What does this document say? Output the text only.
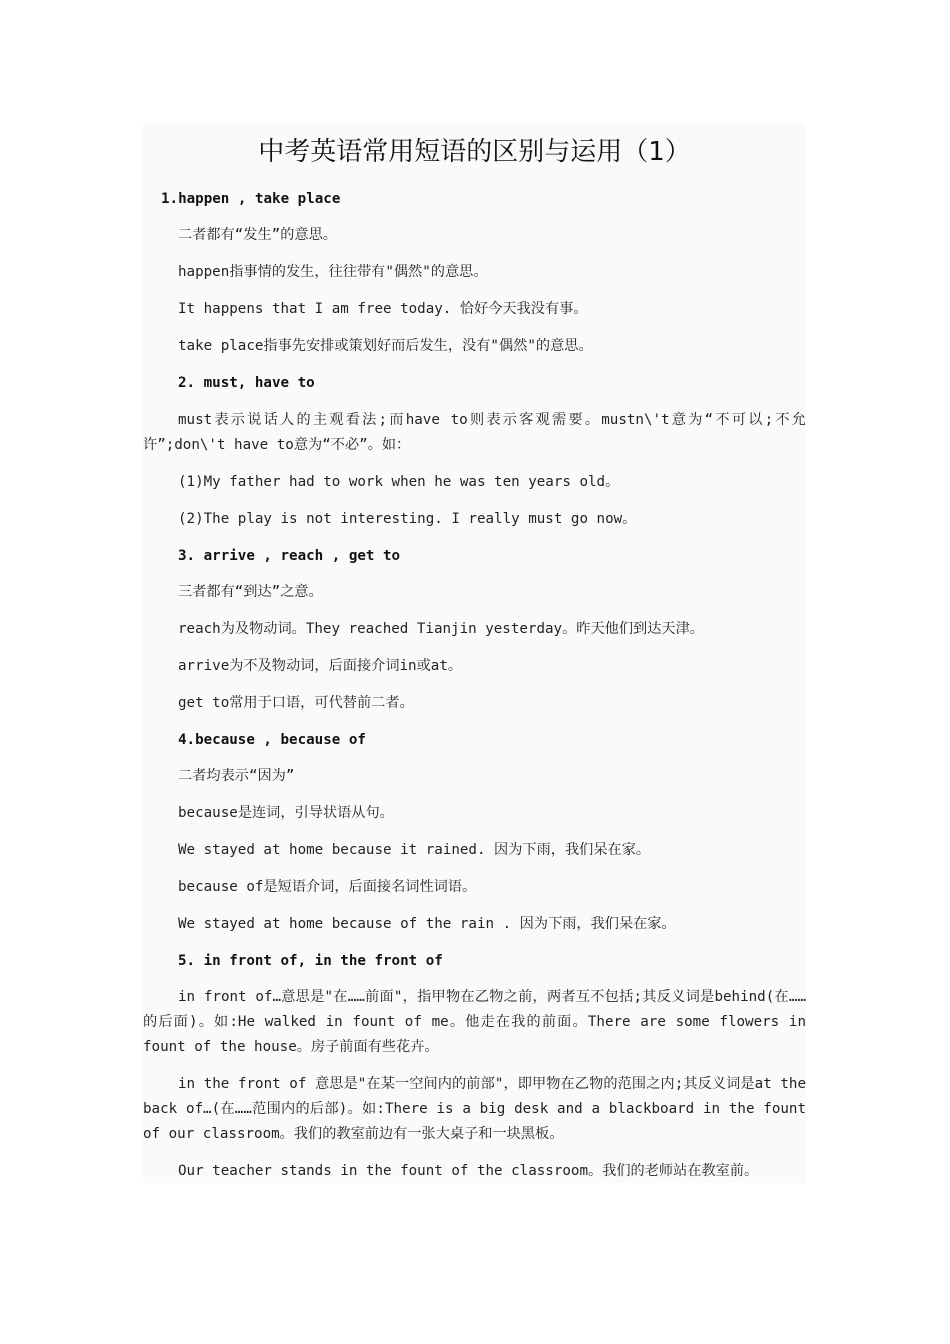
中考英语常用短语的区别与运用（1）

1.happen , take place

二者都有“发生”的意思。

happen指事情的发生，往往带有"偶然"的意思。

It happens that I am free today. 恰好今天我没有事。

take place指事先安排或策划好而后发生，没有"偶然"的意思。

2. must, have to

must表示说话人的主观看法;而have to则表示客观需要。mustn\'t意为“不可以;不允许”;don\'t have to意为“不必”。如：

(1)My father had to work when he was ten years old。

(2)The play is not interesting. I really must go now。

3. arrive , reach , get to

三者都有“到达”之意。

reach为及物动词。They reached Tianjin yesterday。昨天他们到达天津。

arrive为不及物动词，后面接介词in或at。

get to常用于口语，可代替前二者。

4.because , because of

二者均表示“因为”

because是连词，引导状语从句。

We stayed at home because it rained. 因为下雨，我们呆在家。

because of是短语介词，后面接名词性词语。

We stayed at home because of the rain . 因为下雨，我们呆在家。

5. in front of, in the front of

in front of…意思是"在……前面"，指甲物在乙物之前，两者互不包括;其反义词是behind(在……的后面)。如:He walked in fount of me。他走在我的前面。There are some flowers in fount of the house。房子前面有些花卉。

in the front of 意思是"在某一空间内的前部"，即甲物在乙物的范围之内;其反义词是at the back of…(在……范围内的后部)。如:There is a big desk and a blackboard in the fount of our classroom。我们的教室前边有一张大桌子和一块黑板。

Our teacher stands in the fount of the classroom。我们的老师站在教室前。
